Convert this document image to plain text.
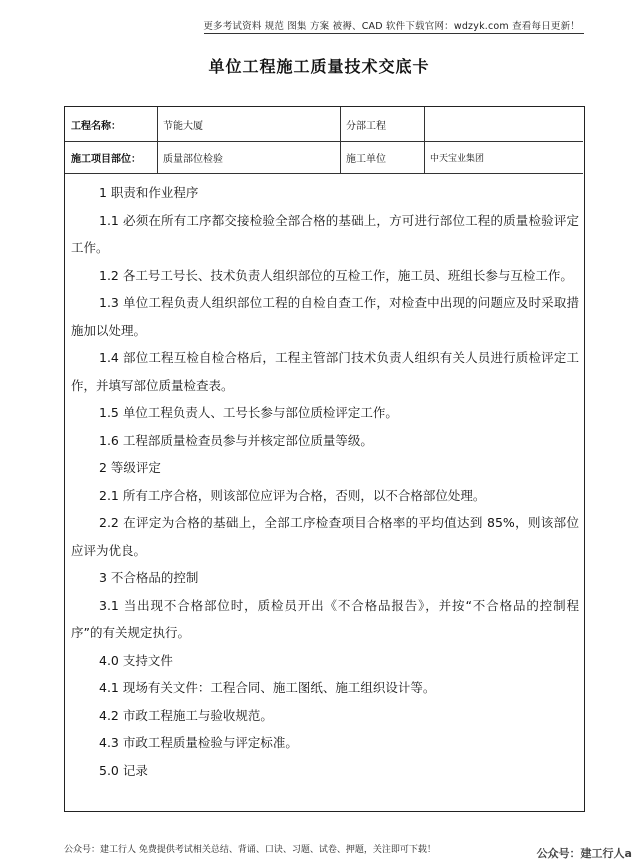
更多考试资料 规范 图集 方案 被褥、CAD 软件下载官网：wdzyk.com 查看每日更新！
单位工程施工质量技术交底卡
工程名称：	节能大厦	分部工程
施工项目部位：	质量部位检验	施工单位	中天宝业集团

1 职责和作业程序

1.1 必须在所有工序都交接检验全部合格的基础上，方可进行部位工程的质量检验评定工作。

1.2 各工号工号长、技术负责人组织部位的互检工作，施工员、班组长参与互检工作。

1.3 单位工程负责人组织部位工程的自检自查工作，对检查中出现的问题应及时采取措施加以处理。

1.4 部位工程互检自检合格后，工程主管部门技术负责人组织有关人员进行质检评定工作，并填写部位质量检查表。

1.5 单位工程负责人、工号长参与部位质检评定工作。

1.6 工程部质量检查员参与并核定部位质量等级。

2 等级评定

2.1 所有工序合格，则该部位应评为合格，否则，以不合格部位处理。

2.2 在评定为合格的基础上，全部工序检查项目合格率的平均值达到 85%，则该部位应评为优良。

3 不合格品的控制

3.1 当出现不合格部位时，质检员开出《不合格品报告》，并按“不合格品的控制程序”的有关规定执行。

4.0 支持文件

4.1 现场有关文件：工程合同、施工图纸、施工组织设计等。

4.2 市政工程施工与验收规范。

4.3 市政工程质量检验与评定标准。

5.0 记录

公众号：建工行人 免费提供考试相关总结、背诵、口诀、习题、试卷、押题，关注即可下载！	公众号：建工行人a
